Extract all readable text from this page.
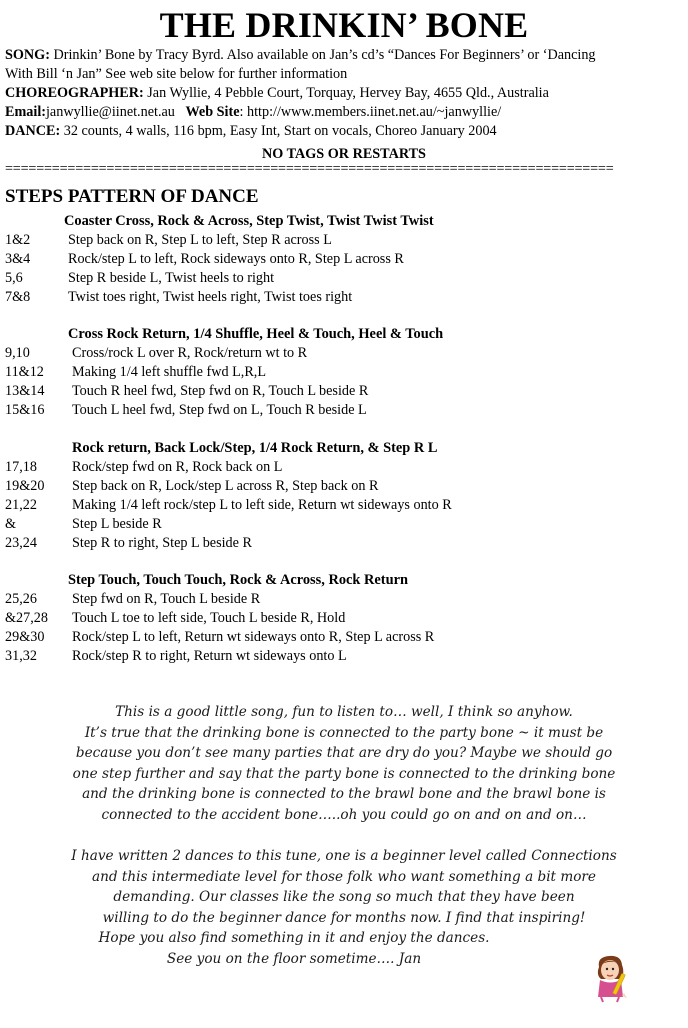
THE DRINKIN’ BONE
SONG: Drinkin’ Bone by Tracy Byrd. Also available on Jan’s cd’s “Dances For Beginners’ or ‘Dancing
With Bill ‘n Jan” See web site below for further information
CHOREOGRAPHER: Jan Wyllie, 4 Pebble Court, Torquay, Hervey Bay, 4655 Qld., Australia
Email:janwyllie@iinet.net.au Web Site: http://www.members.iinet.net.au/~janwyllie/
DANCE: 32 counts, 4 walls, 116 bpm, Easy Int, Start on vocals, Choreo January 2004
NO TAGS OR RESTARTS
==============================================================================
STEPS PATTERN OF DANCE
Coaster Cross, Rock & Across, Step Twist, Twist Twist Twist
1&2	Step back on R, Step L to left, Step R across L
3&4	Rock/step L to left, Rock sideways onto R, Step L across R
5,6	Step R beside L, Twist heels to right
7&8	Twist toes right, Twist heels right, Twist toes right
Cross Rock Return, 1/4 Shuffle, Heel & Touch, Heel & Touch
9,10	Cross/rock L over R, Rock/return wt to R
11&12 Making 1/4 left shuffle fwd L,R,L
13&14 Touch R heel fwd, Step fwd on R, Touch L beside R
15&16 Touch L heel fwd, Step fwd on L, Touch R beside L
Rock return, Back Lock/Step, 1/4 Rock Return, & Step R L
17,18 Rock/step fwd on R, Rock back on L
19&20 Step back on R, Lock/step L across R, Step back on R
21,22 Making 1/4 left rock/step L to left side, Return wt sideways onto R
&	Step L beside R
23,24 Step R to right, Step L beside R
Step Touch, Touch Touch, Rock & Across, Rock Return
25,26 Step fwd on R, Touch L beside R
&27,28 Touch L toe to left side, Touch L beside R, Hold
29&30 Rock/step L to left, Return wt sideways onto R, Step L across R
31,32 Rock/step R to right, Return wt sideways onto L

This is a good little song, fun to listen to… well, I think so anyhow.

It’s true that the drinking bone is connected to the party bone ~ it must be

because you don’t see many parties that are dry do you? Maybe we should go

one step further and say that the party bone is connected to the drinking bone

and the drinking bone is connected to the brawl bone and the brawl bone is

connected to the accident bone…..oh you could go on and on and on…

I have written 2 dances to this tune, one is a beginner level called Connections

and this intermediate level for those folk who want something a bit more

demanding. Our classes like the song so much that they have been

willing to do the beginner dance for months now. I find that inspiring!

Hope you also find something in it and enjoy the dances.

See you on the floor sometime…. Jan
